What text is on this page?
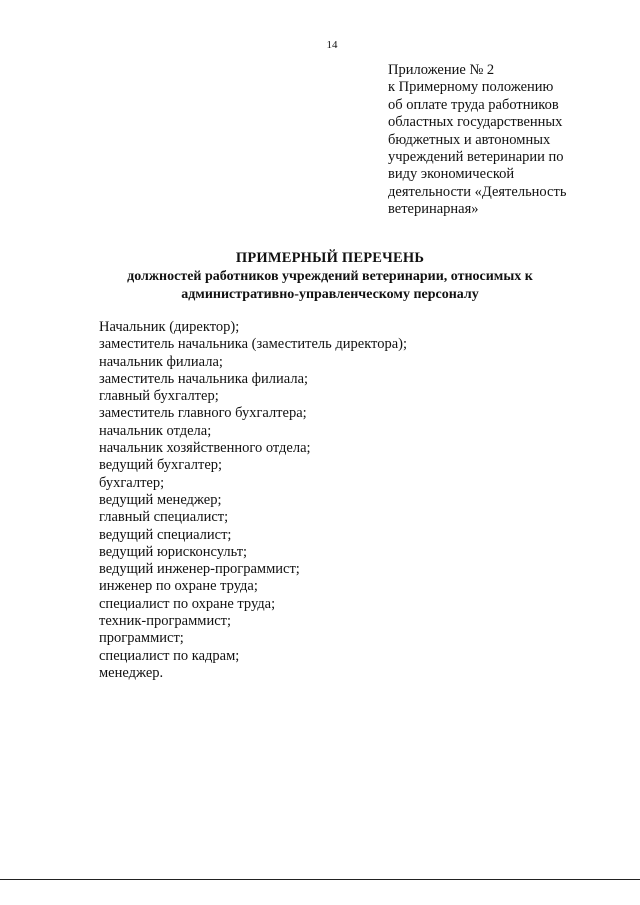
14
Приложение № 2
к Примерному положению
об оплате труда работников
областных государственных
бюджетных и автономных
учреждений ветеринарии по
виду экономической
деятельности «Деятельность
ветеринарная»
ПРИМЕРНЫЙ ПЕРЕЧЕНЬ
должностей работников учреждений ветеринарии, относимых к
административно-управленческому персоналу
Начальник (директор);
заместитель начальника (заместитель директора);
начальник филиала;
заместитель начальника филиала;
главный бухгалтер;
заместитель главного бухгалтера;
начальник отдела;
начальник хозяйственного отдела;
ведущий бухгалтер;
бухгалтер;
ведущий менеджер;
главный специалист;
ведущий специалист;
ведущий юрисконсульт;
ведущий инженер-программист;
инженер по охране труда;
специалист по охране труда;
техник-программист;
программист;
специалист по кадрам;
менеджер.
